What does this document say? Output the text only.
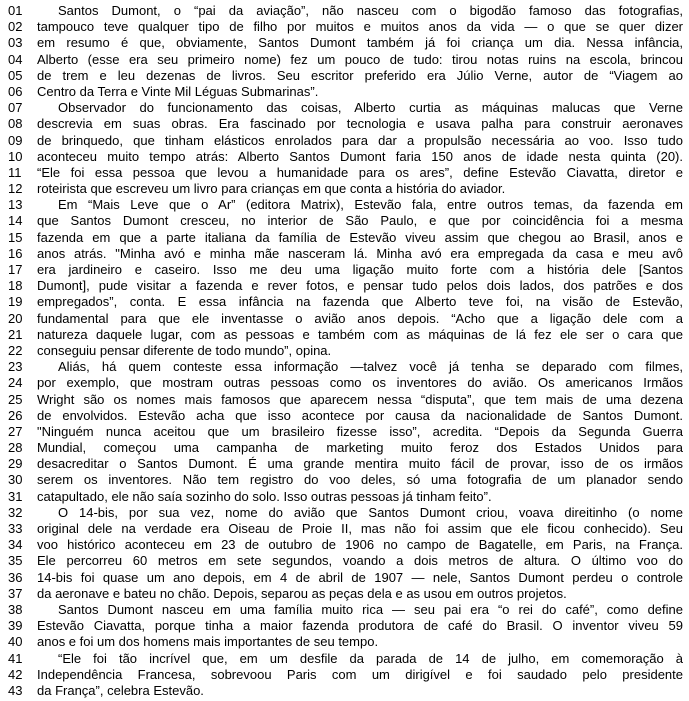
01	Santos Dumont, o “pai da aviação”, não nasceu com o bigodão famoso das fotografias,
02	tampouco teve qualquer tipo de filho por muitos e muitos anos da vida — o que se quer dizer
03	em resumo é que, obviamente, Santos Dumont também já foi criança um dia. Nessa infância,
04	Alberto (esse era seu primeiro nome) fez um pouco de tudo: tirou notas ruins na escola, brincou
05	de trem e leu dezenas de livros. Seu escritor preferido era Júlio Verne, autor de “Viagem ao
06	Centro da Terra e Vinte Mil Léguas Submarinas”.
07	Observador do funcionamento das coisas, Alberto curtia as máquinas malucas que Verne
08	descrevia em suas obras. Era fascinado por tecnologia e usava palha para construir aeronaves
09	de brinquedo, que tinham elásticos enrolados para dar a propulsão necessária ao voo. Isso tudo
10	aconteceu muito tempo atrás: Alberto Santos Dumont faria 150 anos de idade nesta quinta (20).
11	“Ele foi essa pessoa que levou a humanidade para os ares”, define Estevão Ciavatta, diretor e
12	roteirista que escreveu um livro para crianças em que conta a história do aviador.
13	Em “Mais Leve que o Ar” (editora Matrix), Estevão fala, entre outros temas, da fazenda em
14	que Santos Dumont cresceu, no interior de São Paulo, e que por coincidência foi a mesma
15	fazenda em que a parte italiana da família de Estevão viveu assim que chegou ao Brasil, anos e
16	anos atrás. "Minha avó e minha mãe nasceram lá. Minha avó era empregada da casa e meu avô
17	era jardineiro e caseiro. Isso me deu uma ligação muito forte com a história dele [Santos
18	Dumont], pude visitar a fazenda e rever fotos, e pensar tudo pelos dois lados, dos patrões e dos
19	empregados”, conta. E essa infância na fazenda que Alberto teve foi, na visão de Estevão,
20	fundamental para que ele inventasse o avião anos depois. “Acho que a ligação dele com a
21	natureza daquele lugar, com as pessoas e também com as máquinas de lá fez ele ser o cara que
22	conseguiu pensar diferente de todo mundo”, opina.
23	Aliás, há quem conteste essa informação —talvez você já tenha se deparado com filmes,
24	por exemplo, que mostram outras pessoas como os inventores do avião. Os americanos Irmãos
25	Wright são os nomes mais famosos que aparecem nessa “disputa”, que tem mais de uma dezena
26	de envolvidos. Estevão acha que isso acontece por causa da nacionalidade de Santos Dumont.
27	"Ninguém nunca aceitou que um brasileiro fizesse isso”, acredita. “Depois da Segunda Guerra
28	Mundial, começou uma campanha de marketing muito feroz dos Estados Unidos para
29	desacreditar o Santos Dumont. É uma grande mentira muito fácil de provar, isso de os irmãos
30	serem os inventores. Não tem registro do voo deles, só uma fotografia de um planador sendo
31	catapultado, ele não saía sozinho do solo. Isso outras pessoas já tinham feito”.
32	O 14-bis, por sua vez, nome do avião que Santos Dumont criou, voava direitinho (o nome
33	original dele na verdade era Oiseau de Proie II, mas não foi assim que ele ficou conhecido). Seu
34	voo histórico aconteceu em 23 de outubro de 1906 no campo de Bagatelle, em Paris, na França.
35	Ele percorreu 60 metros em sete segundos, voando a dois metros de altura. O último voo do
36	14-bis foi quase um ano depois, em 4 de abril de 1907 — nele, Santos Dumont perdeu o controle
37	da aeronave e bateu no chão. Depois, separou as peças dela e as usou em outros projetos.
38	Santos Dumont nasceu em uma família muito rica — seu pai era “o rei do café”, como define
39	Estevão Ciavatta, porque tinha a maior fazenda produtora de café do Brasil. O inventor viveu 59
40	anos e foi um dos homens mais importantes de seu tempo.
41	“Ele foi tão incrível que, em um desfile da parada de 14 de julho, em comemoração à
42	Independência Francesa, sobrevoou Paris com um dirigível e foi saudado pelo presidente
43	da França”, celebra Estevão.
